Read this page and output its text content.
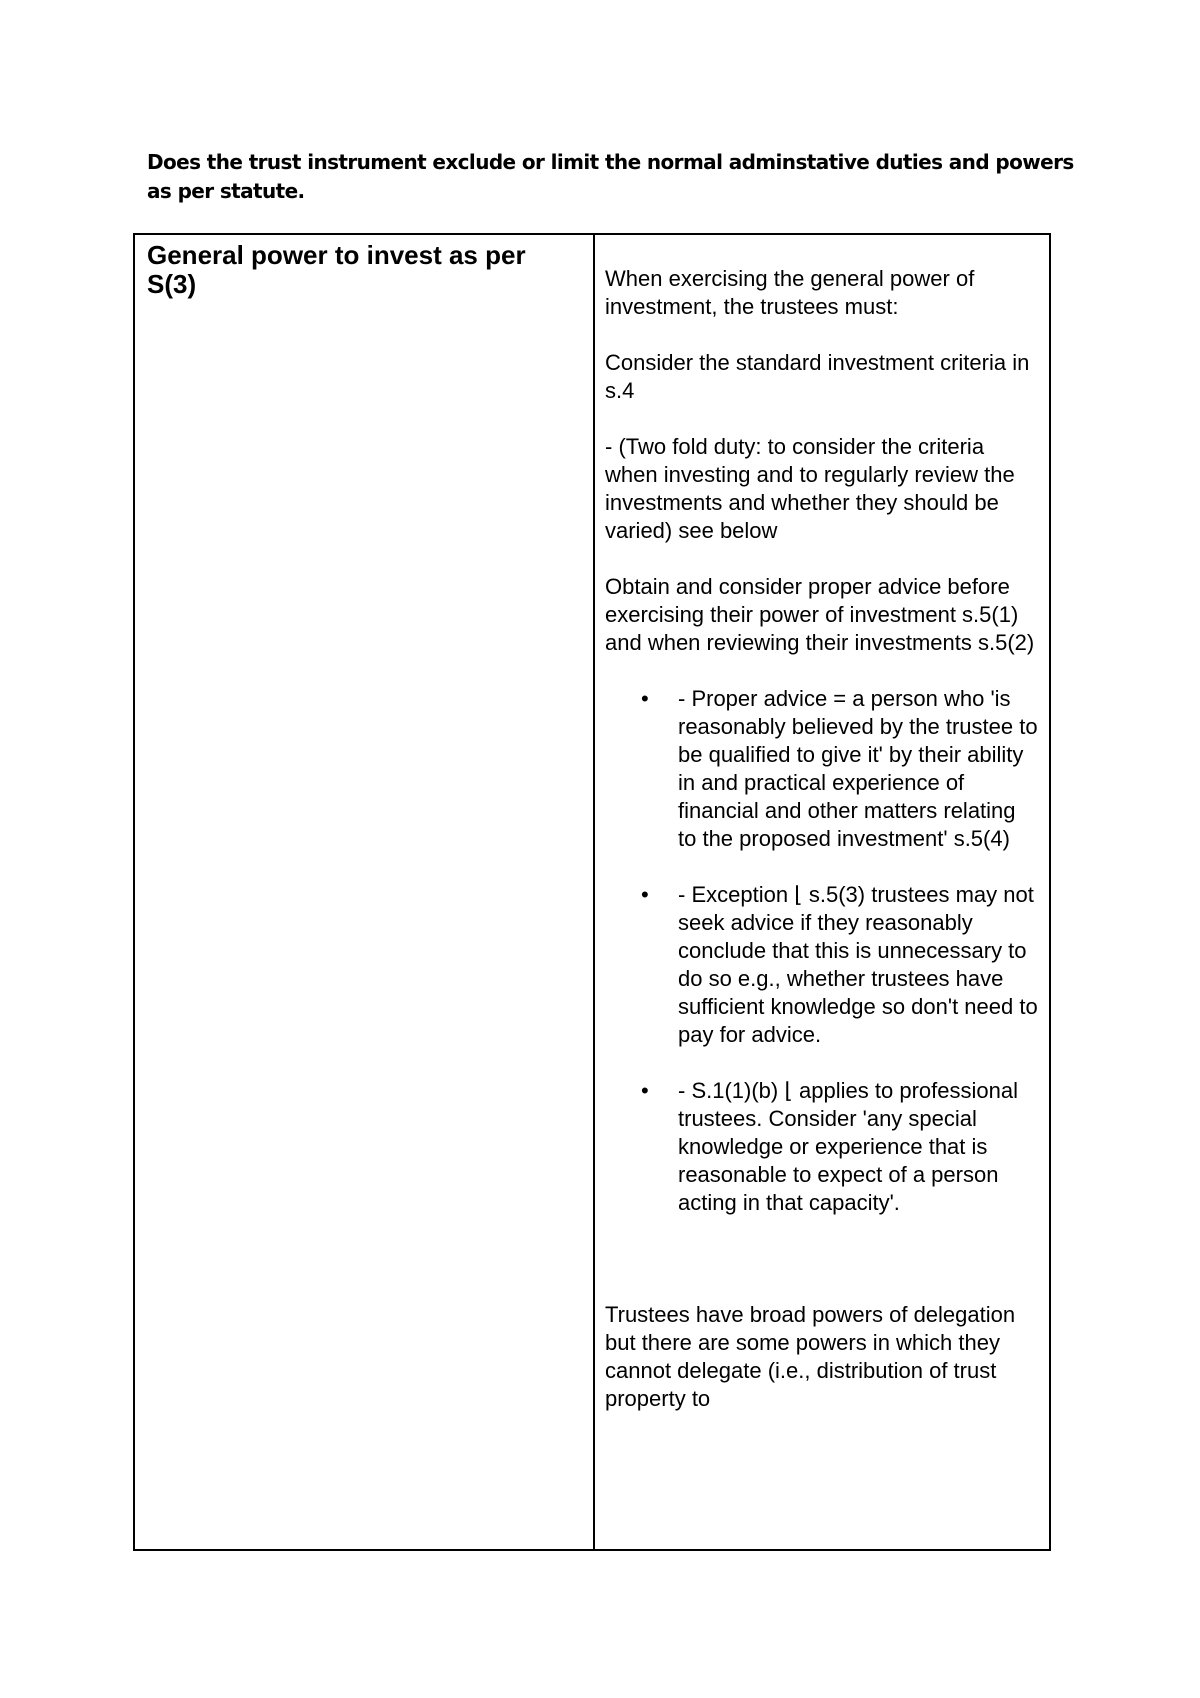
Does the trust instrument exclude or limit the normal adminstative duties and powers as per statute.
General power to invest as per S(3)	When exercising the general power of investment, the trustees must:

Consider the standard investment criteria in s.4

- (Two fold duty: to consider the criteria when investing and to regularly review the investments and whether they should be varied) see below

Obtain and consider proper advice before exercising their power of investment s.5(1) and when reviewing their investments s.5(2)

• - Proper advice = a person who 'is reasonably believed by the trustee to be qualified to give it' by their ability in and practical experience of financial and other matters relating to the proposed investment' s.5(4)
• - Exception ⌊ s.5(3) trustees may not seek advice if they reasonably conclude that this is unnecessary to do so e.g., whether trustees have sufficient knowledge so don't need to pay for advice.
• - S.1(1)(b) ⌊ applies to professional trustees. Consider 'any special knowledge or experience that is reasonable to expect of a person acting in that capacity'.

Trustees have broad powers of delegation but there are some powers in which they cannot delegate (i.e., distribution of trust property to
